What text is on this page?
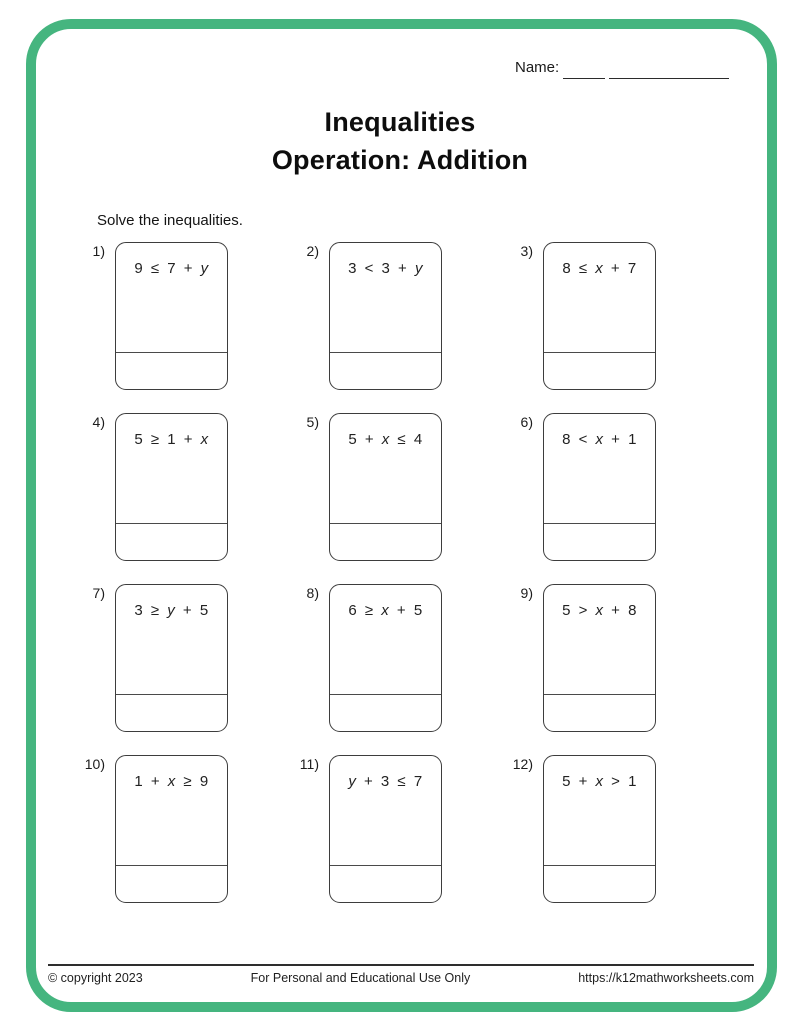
Name:
Inequalities
Operation: Addition
Solve the inequalities.
1)
9 ≤ 7 + y
2)
3 < 3 + y
3)
8 ≤ x + 7
4)
5 ≥ 1 + x
5)
5 + x ≤ 4
6)
8 < x + 1
7)
3 ≥ y + 5
8)
6 ≥ x + 5
9)
5 > x + 8
10)
1 + x ≥ 9
11)
y + 3 ≤ 7
12)
5 + x > 1
© copyright 2023	For Personal and Educational Use Only	https://k12mathworksheets.com
